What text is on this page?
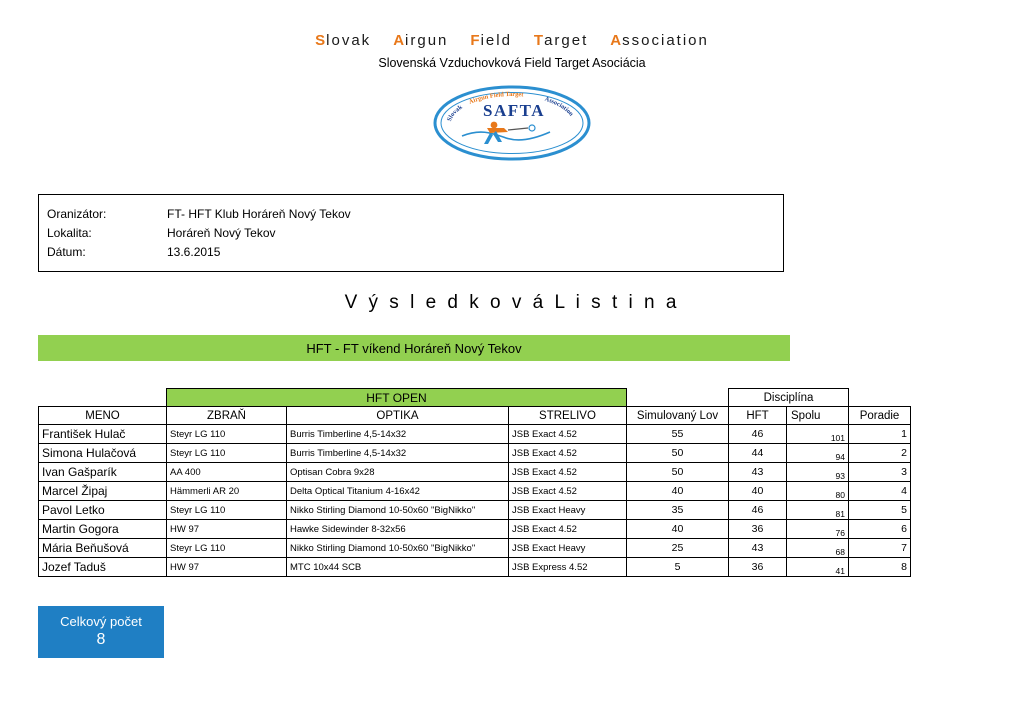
Slovak Airgun Field Target Association
Slovenská Vzduchovková Field Target Asociácia
Slovak
Airgun Field Target
Association
SAFTA
Oranizátor:	FT- HFT Klub Horáreň Nový Tekov
Lokalita:	Horáreň Nový Tekov
Dátum:	13.6.2015
V ý s l e d k o v á L i s t i n a
HFT - FT víkend Horáreň Nový Tekov
	HFT OPEN				Disciplína		
MENO	ZBRAŇ	OPTIKA	STRELIVO	Simulovaný Lov	HFT	Spolu	Poradie
František Hulač	Steyr LG 110	Burris Timberline 4,5-14x32	JSB Exact 4.52	55	46	101	1
Simona Hulačová	Steyr LG 110	Burris Timberline 4,5-14x32	JSB Exact 4.52	50	44	94	2
Ivan Gašparík	AA 400	Optisan Cobra 9x28	JSB Exact 4.52	50	43	93	3
Marcel Žipaj	Hämmerli AR 20	Delta Optical Titanium 4-16x42	JSB Exact 4.52	40	40	80	4
Pavol Letko	Steyr LG 110	Nikko Stirling Diamond 10-50x60 "BigNikko"	JSB Exact Heavy	35	46	81	5
Martin Gogora	HW 97	Hawke Sidewinder 8-32x56	JSB Exact 4.52	40	36	76	6
Mária Beňušová	Steyr LG 110	Nikko Stirling Diamond 10-50x60 "BigNikko"	JSB Exact Heavy	25	43	68	7
Jozef Taduš	HW 97	MTC 10x44 SCB	JSB Express 4.52	5	36	41	8
Celkový počet
8
